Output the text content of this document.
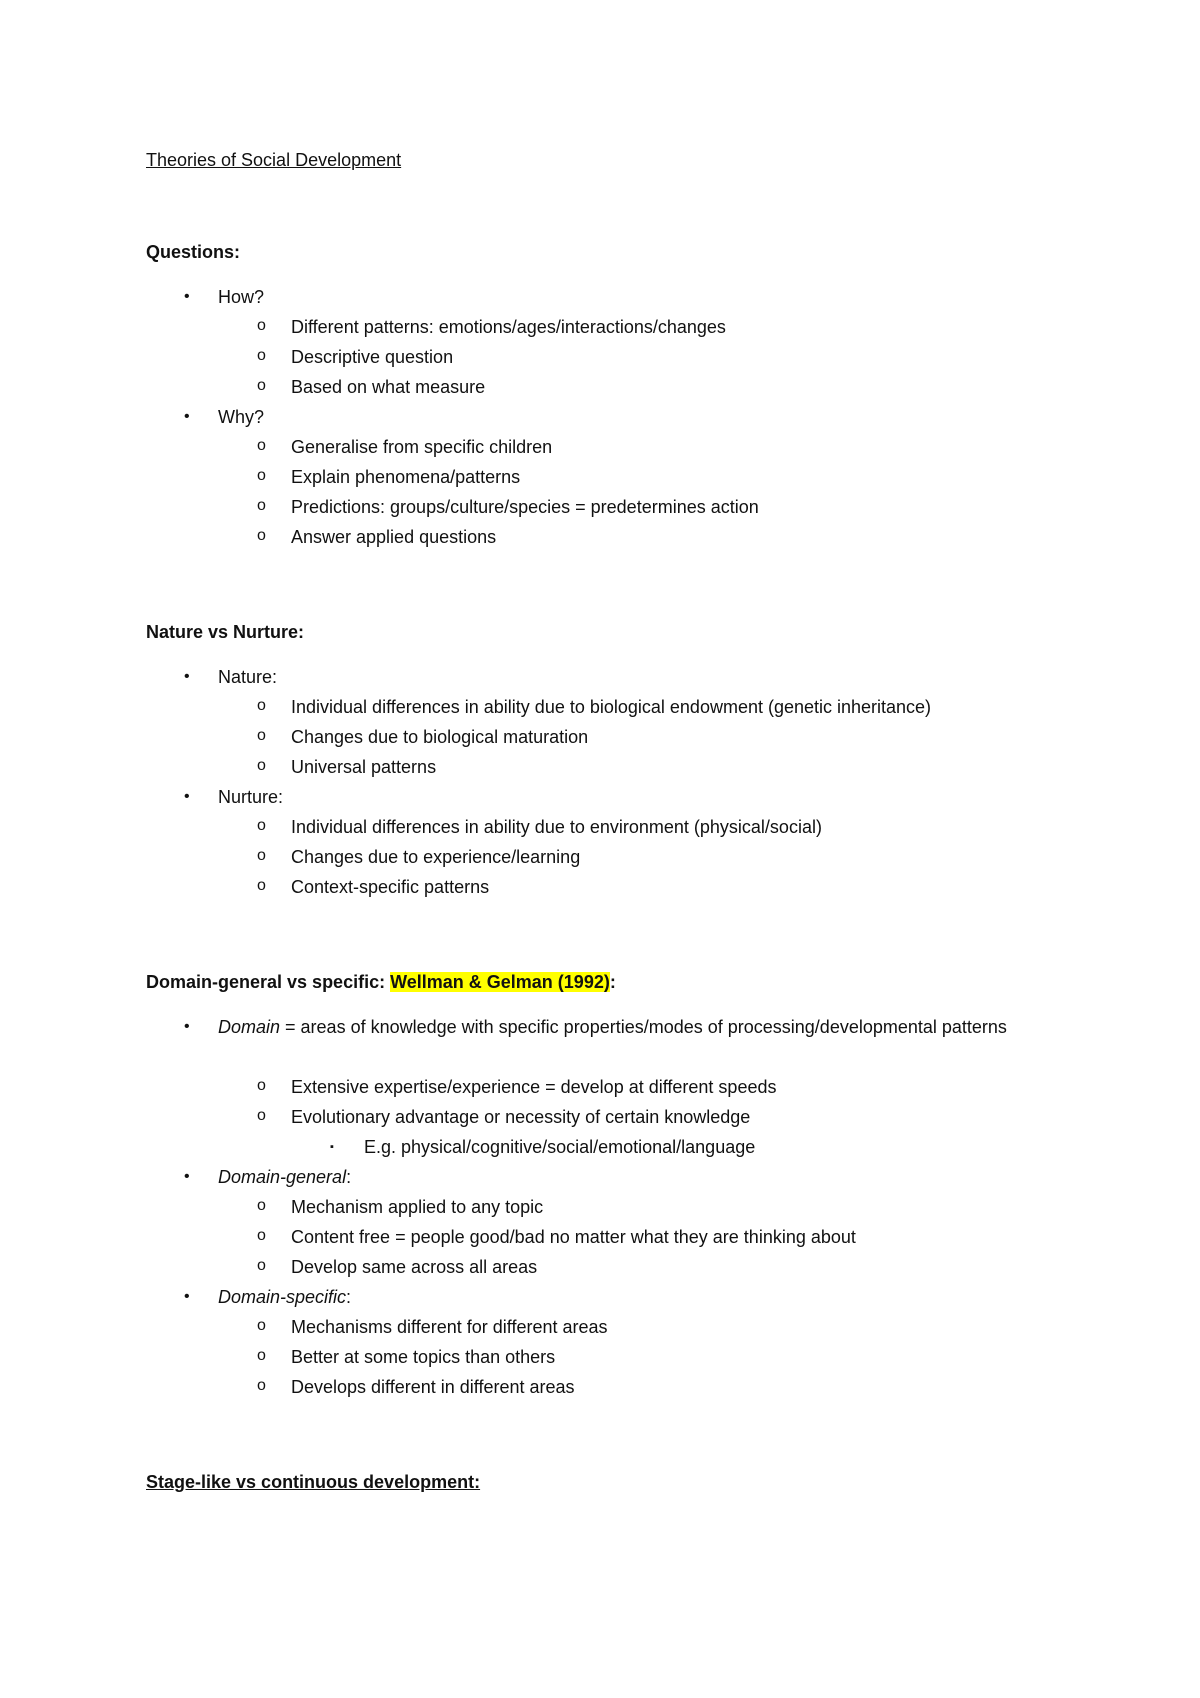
Theories of Social Development
Questions:
• How?
o Different patterns: emotions/ages/interactions/changes
o Descriptive question
o Based on what measure
• Why?
o Generalise from specific children
o Explain phenomena/patterns
o Predictions: groups/culture/species = predetermines action
o Answer applied questions
Nature vs Nurture:
• Nature:
o Individual differences in ability due to biological endowment (genetic inheritance)
o Changes due to biological maturation
o Universal patterns
• Nurture:
o Individual differences in ability due to environment (physical/social)
o Changes due to experience/learning
o Context-specific patterns
Domain-general vs specific: Wellman & Gelman (1992):
• Domain = areas of knowledge with specific properties/modes of processing/developmental patterns
o Extensive expertise/experience = develop at different speeds
o Evolutionary advantage or necessity of certain knowledge
▪ E.g. physical/cognitive/social/emotional/language
• Domain-general:
o Mechanism applied to any topic
o Content free = people good/bad no matter what they are thinking about
o Develop same across all areas
• Domain-specific:
o Mechanisms different for different areas
o Better at some topics than others
o Develops different in different areas
Stage-like vs continuous development:
